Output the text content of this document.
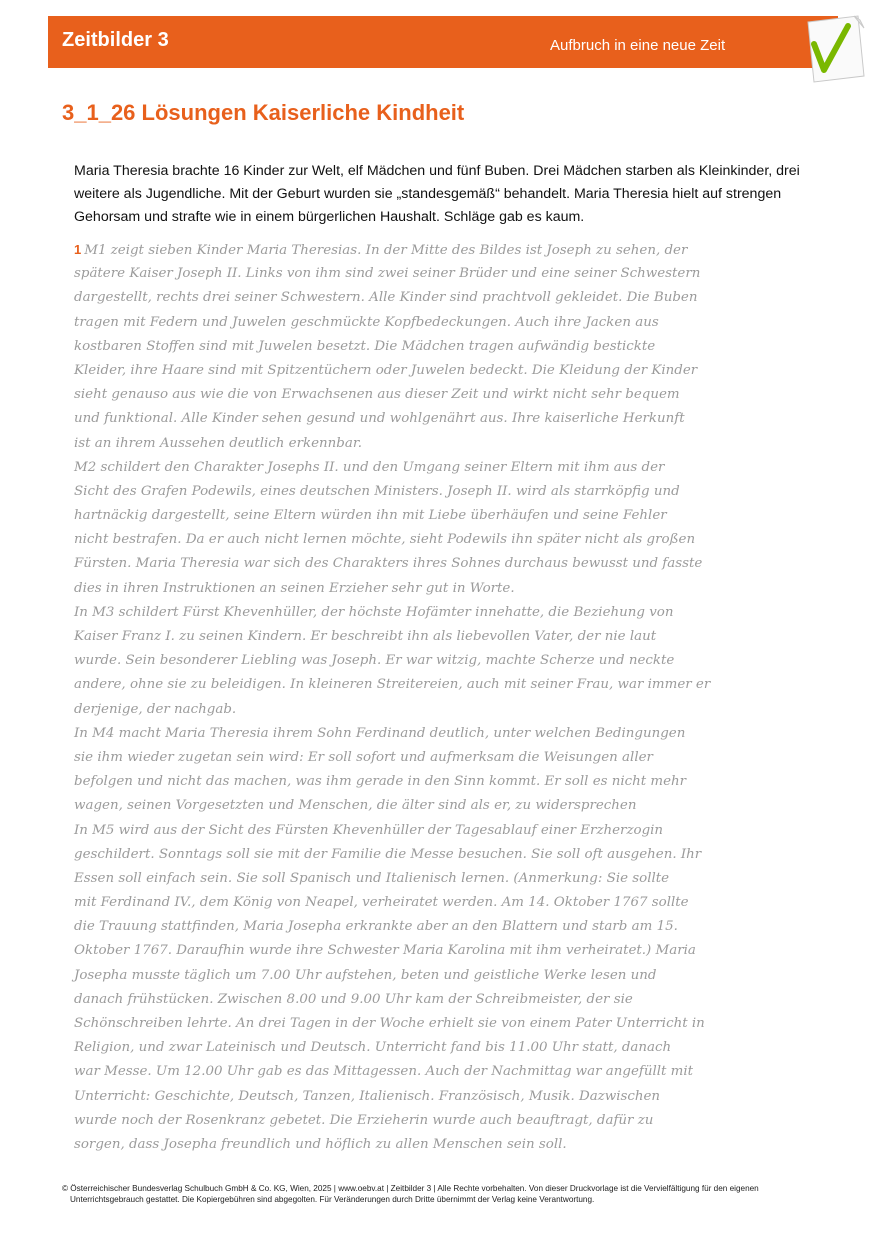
Zeitbilder 3	Aufbruch in eine neue Zeit
3_1_26 Lösungen Kaiserliche Kindheit

Maria Theresia brachte 16 Kinder zur Welt, elf Mädchen und fünf Buben. Drei Mädchen starben als Kleinkinder, drei weitere als Jugendliche. Mit der Geburt wurden sie „standesgemäß“ behandelt. Maria Theresia hielt auf strengen Gehorsam und strafte wie in einem bürgerlichen Haushalt. Schläge gab es kaum.

1 M1 zeigt sieben Kinder Maria Theresias. In der Mitte des Bildes ist Joseph zu sehen, der
spätere Kaiser Joseph II. Links von ihm sind zwei seiner Brüder und eine seiner Schwestern
dargestellt, rechts drei seiner Schwestern. Alle Kinder sind prachtvoll gekleidet. Die Buben
tragen mit Federn und Juwelen geschmückte Kopfbedeckungen. Auch ihre Jacken aus
kostbaren Stoffen sind mit Juwelen besetzt. Die Mädchen tragen aufwändig bestickte
Kleider, ihre Haare sind mit Spitzentüchern oder Juwelen bedeckt. Die Kleidung der Kinder
sieht genauso aus wie die von Erwachsenen aus dieser Zeit und wirkt nicht sehr bequem
und funktional. Alle Kinder sehen gesund und wohlgenährt aus. Ihre kaiserliche Herkunft
ist an ihrem Aussehen deutlich erkennbar.
M2 schildert den Charakter Josephs II. und den Umgang seiner Eltern mit ihm aus der
Sicht des Grafen Podewils, eines deutschen Ministers. Joseph II. wird als starrköpfig und
hartnäckig dargestellt, seine Eltern würden ihn mit Liebe überhäufen und seine Fehler
nicht bestrafen. Da er auch nicht lernen möchte, sieht Podewils ihn später nicht als großen
Fürsten. Maria Theresia war sich des Charakters ihres Sohnes durchaus bewusst und fasste
dies in ihren Instruktionen an seinen Erzieher sehr gut in Worte.
In M3 schildert Fürst Khevenhüller, der höchste Hofämter innehatte, die Beziehung von
Kaiser Franz I. zu seinen Kindern. Er beschreibt ihn als liebevollen Vater, der nie laut
wurde. Sein besonderer Liebling was Joseph. Er war witzig, machte Scherze und neckte
andere, ohne sie zu beleidigen. In kleineren Streitereien, auch mit seiner Frau, war immer er
derjenige, der nachgab.
In M4 macht Maria Theresia ihrem Sohn Ferdinand deutlich, unter welchen Bedingungen
sie ihm wieder zugetan sein wird: Er soll sofort und aufmerksam die Weisungen aller
befolgen und nicht das machen, was ihm gerade in den Sinn kommt. Er soll es nicht mehr
wagen, seinen Vorgesetzten und Menschen, die älter sind als er, zu widersprechen
In M5 wird aus der Sicht des Fürsten Khevenhüller der Tagesablauf einer Erzherzogin
geschildert. Sonntags soll sie mit der Familie die Messe besuchen. Sie soll oft ausgehen. Ihr
Essen soll einfach sein. Sie soll Spanisch und Italienisch lernen. (Anmerkung: Sie sollte
mit Ferdinand IV., dem König von Neapel, verheiratet werden. Am 14. Oktober 1767 sollte
die Trauung stattfinden, Maria Josepha erkrankte aber an den Blattern und starb am 15.
Oktober 1767. Daraufhin wurde ihre Schwester Maria Karolina mit ihm verheiratet.) Maria
Josepha musste täglich um 7.00 Uhr aufstehen, beten und geistliche Werke lesen und
danach frühstücken. Zwischen 8.00 und 9.00 Uhr kam der Schreibmeister, der sie
Schönschreiben lehrte. An drei Tagen in der Woche erhielt sie von einem Pater Unterricht in
Religion, und zwar Lateinisch und Deutsch. Unterricht fand bis 11.00 Uhr statt, danach
war Messe. Um 12.00 Uhr gab es das Mittagessen. Auch der Nachmittag war angefüllt mit
Unterricht: Geschichte, Deutsch, Tanzen, Italienisch. Französisch, Musik. Dazwischen
wurde noch der Rosenkranz gebetet. Die Erzieherin wurde auch beauftragt, dafür zu
sorgen, dass Josepha freundlich und höflich zu allen Menschen sein soll.
© Österreichischer Bundesverlag Schulbuch GmbH & Co. KG, Wien, 2025 | www.oebv.at | Zeitbilder 3 | Alle Rechte vorbehalten. Von dieser Druckvorlage ist die Vervielfältigung für den eigenen
Unterrichtsgebrauch gestattet. Die Kopiergebühren sind abgegolten. Für Veränderungen durch Dritte übernimmt der Verlag keine Verantwortung.
